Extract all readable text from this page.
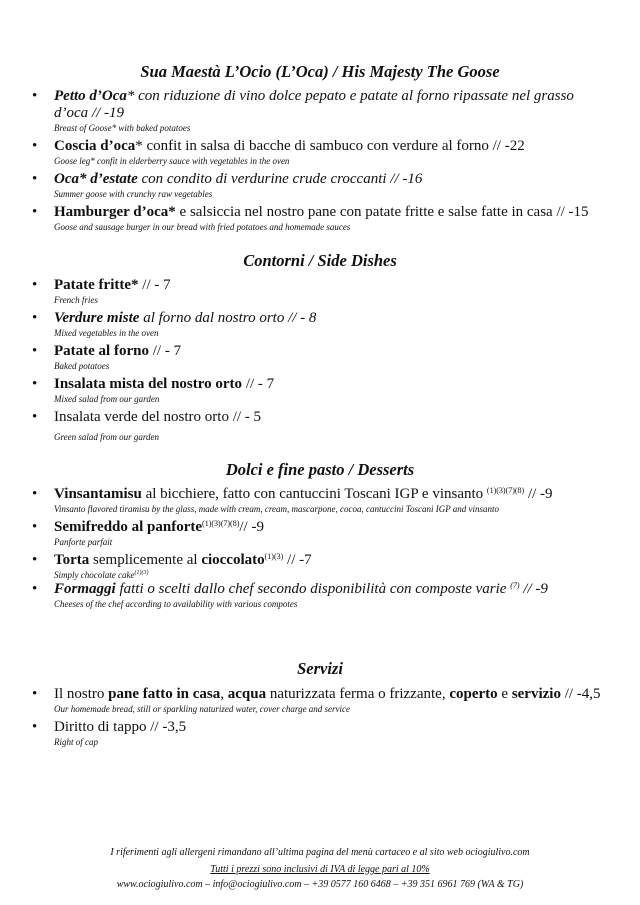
Sua Maestà L’Ocio (L’Oca) / His Majesty The Goose
• Petto d’Oca* con riduzione di vino dolce pepato e patate al forno ripassate nel grasso d’oca // -19
Breast of Goose* with baked potatoes
• Coscia d’oca* confit in salsa di bacche di sambuco con verdure al forno // -22
Goose leg* confit in elderberry sauce with vegetables in the oven
• Oca* d’estate con condito di verdurine crude croccanti // -16
Summer goose with crunchy raw vegetables
• Hamburger d’oca* e salsiccia nel nostro pane con patate fritte e salse fatte in casa // -15
Goose and sausage burger in our bread with fried potatoes and homemade sauces
Contorni / Side Dishes
• Patate fritte* // - 7
French fries
• Verdure miste al forno dal nostro orto // - 8
Mixed vegetables in the oven
• Patate al forno // - 7
Baked potatoes
• Insalata mista del nostro orto // - 7
Mixed salad from our garden
• Insalata verde del nostro orto // - 5
Green salad from our garden
Dolci e fine pasto / Desserts
• Vinsantamisu al bicchiere, fatto con cantuccini Toscani IGP e vinsanto $^{(1)(3)(7)(8)}$ // -9
Vinsanto flavored tiramisu by the glass, made with cream, cream, mascarpone, cocoa, cantuccini Toscani IGP and vinsanto
• Semifreddo al panforte$^{(1)(3)(7)(8)}$// -9
Panforte parfait
• Torta semplicemente al cioccolato$^{(1)(3)}$ // -7
Simply chocolate cake$^{(1)(3)}$
• Formaggi fatti o scelti dallo chef secondo disponibilità con composte varie $^{(7)}$ // -9
Cheeses of the chef according to availability with various compotes
Servizi
• Il nostro pane fatto in casa, acqua naturizzata ferma o frizzante, coperto e servizio // -4,5
Our homemade bread, still or sparkling naturized water, cover charge and service
• Diritto di tappo // -3,5
Right of cap
I riferimenti agli allergeni rimandano all’ultima pagina del menù cartaceo e al sito web ociogiulivo.com
Tutti i prezzi sono inclusivi di IVA di legge pari al 10%
www.ociogiulivo.com – info@ociogiulivo.com – +39 0577 160 6468 – +39 351 6961 769 (WA & TG)
